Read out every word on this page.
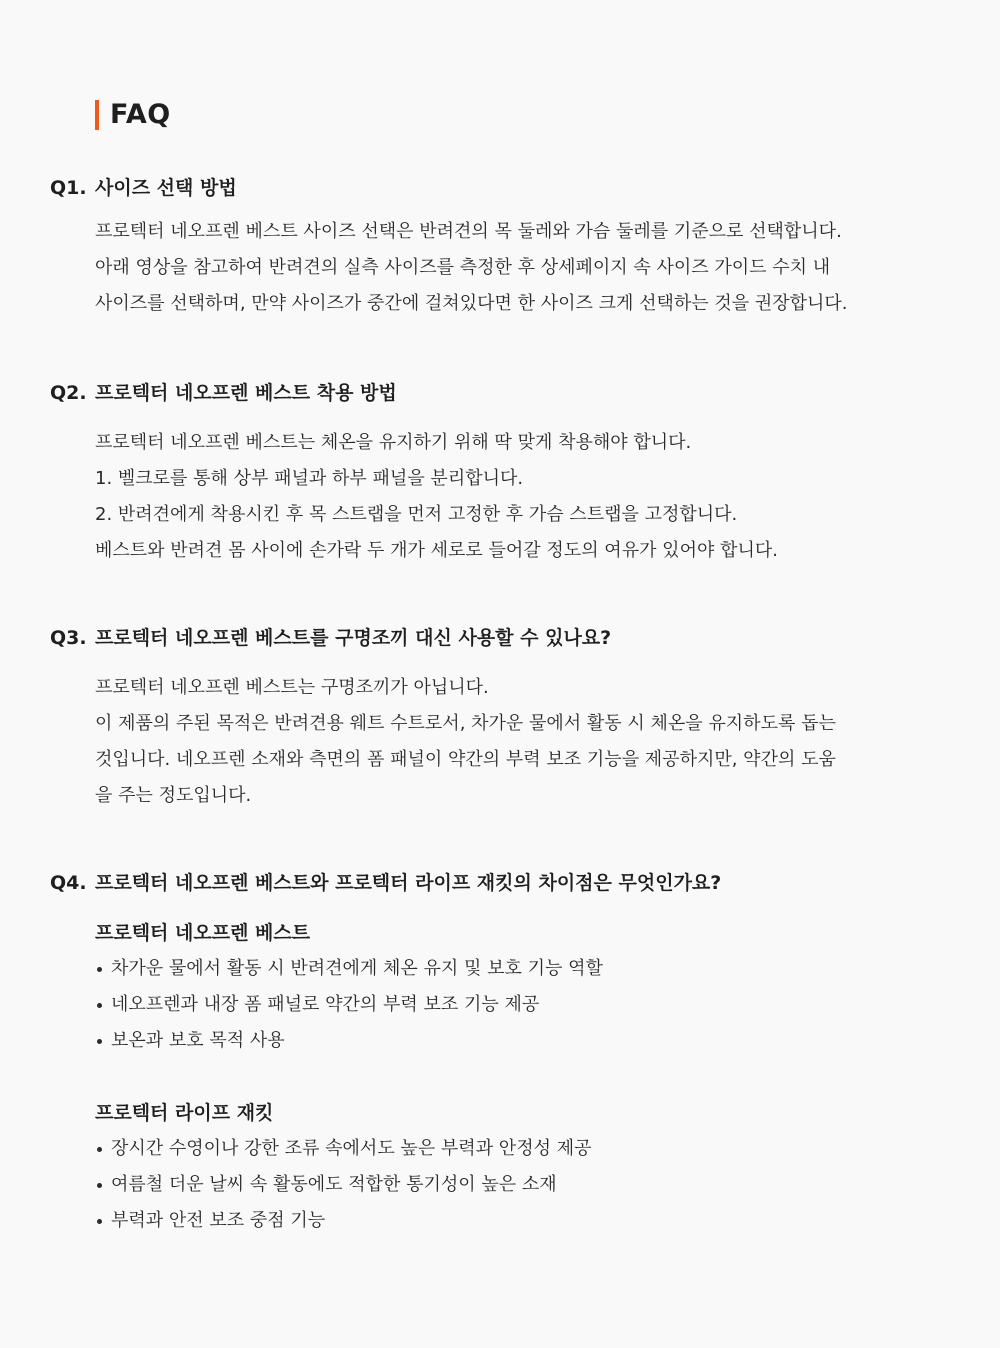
FAQ
Q1. 사이즈 선택 방법

프로텍터 네오프렌 베스트 사이즈 선택은 반려견의 목 둘레와 가슴 둘레를 기준으로 선택합니다.

아래 영상을 참고하여 반려견의 실측 사이즈를 측정한 후 상세페이지 속 사이즈 가이드 수치 내

사이즈를 선택하며, 만약 사이즈가 중간에 걸쳐있다면 한 사이즈 크게 선택하는 것을 권장합니다.

Q2. 프로텍터 네오프렌 베스트 착용 방법

프로텍터 네오프렌 베스트는 체온을 유지하기 위해 딱 맞게 착용해야 합니다.

1. 벨크로를 통해 상부 패널과 하부 패널을 분리합니다.

2. 반려견에게 착용시킨 후 목 스트랩을 먼저 고정한 후 가슴 스트랩을 고정합니다.

베스트와 반려견 몸 사이에 손가락 두 개가 세로로 들어갈 정도의 여유가 있어야 합니다.

Q3. 프로텍터 네오프렌 베스트를 구명조끼 대신 사용할 수 있나요?

프로텍터 네오프렌 베스트는 구명조끼가 아닙니다.

이 제품의 주된 목적은 반려견용 웨트 수트로서, 차가운 물에서 활동 시 체온을 유지하도록 돕는

것입니다. 네오프렌 소재와 측면의 폼 패널이 약간의 부력 보조 기능을 제공하지만, 약간의 도움

을 주는 정도입니다.

Q4. 프로텍터 네오프렌 베스트와 프로텍터 라이프 재킷의 차이점은 무엇인가요?
프로텍터 네오프렌 베스트
차가운 물에서 활동 시 반려견에게 체온 유지 및 보호 기능 역할
네오프렌과 내장 폼 패널로 약간의 부력 보조 기능 제공
보온과 보호 목적 사용
프로텍터 라이프 재킷
장시간 수영이나 강한 조류 속에서도 높은 부력과 안정성 제공
여름철 더운 날씨 속 활동에도 적합한 통기성이 높은 소재
부력과 안전 보조 중점 기능
